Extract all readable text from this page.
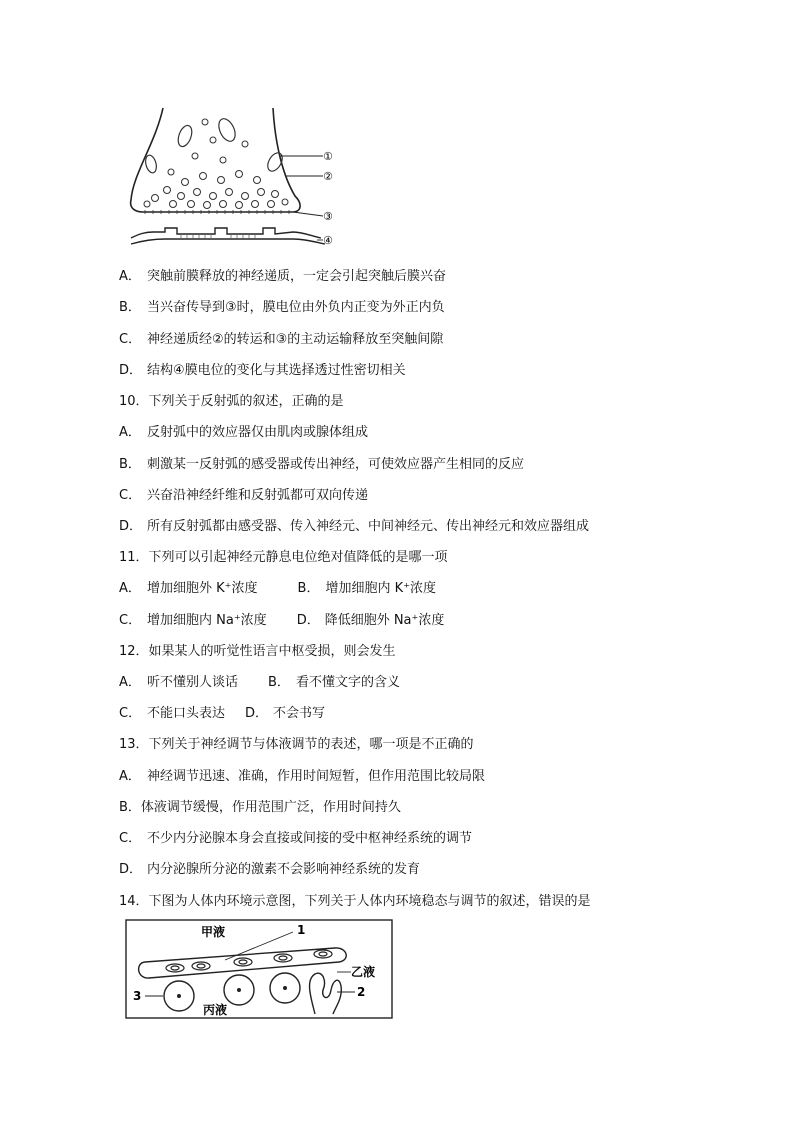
①
②
③
④
A． 突触前膜释放的神经递质，一定会引起突触后膜兴奋
B． 当兴奋传导到③时，膜电位由外负内正变为外正内负
C． 神经递质经②的转运和③的主动运输释放至突触间隙
D． 结构④膜电位的变化与其选择透过性密切相关
10．下列关于反射弧的叙述，正确的是
A． 反射弧中的效应器仅由肌肉或腺体组成
B． 刺激某一反射弧的感受器或传出神经，可使效应器产生相同的反应
C． 兴奋沿神经纤维和反射弧都可双向传递
D． 所有反射弧都由感受器、传入神经元、中间神经元、传出神经元和效应器组成
11．下列可以引起神经元静息电位绝对值降低的是哪一项
A． 增加细胞外 K⁺浓度	B． 增加细胞内 K⁺浓度
C． 增加细胞内 Na⁺浓度 D． 降低细胞外 Na⁺浓度
12．如果某人的听觉性语言中枢受损，则会发生
A． 听不懂别人谈话 B． 看不懂文字的含义
C． 不能口头表达 D． 不会书写
13．下列关于神经调节与体液调节的表述，哪一项是不正确的
A． 神经调节迅速、准确，作用时间短暂，但作用范围比较局限
B．体液调节缓慢，作用范围广泛，作用时间持久
C． 不少内分泌腺本身会直接或间接的受中枢神经系统的调节
D． 内分泌腺所分泌的激素不会影响神经系统的发育
14．下图为人体内环境示意图，下列关于人体内环境稳态与调节的叙述，错误的是
甲液	1
乙液
2
3
丙液
